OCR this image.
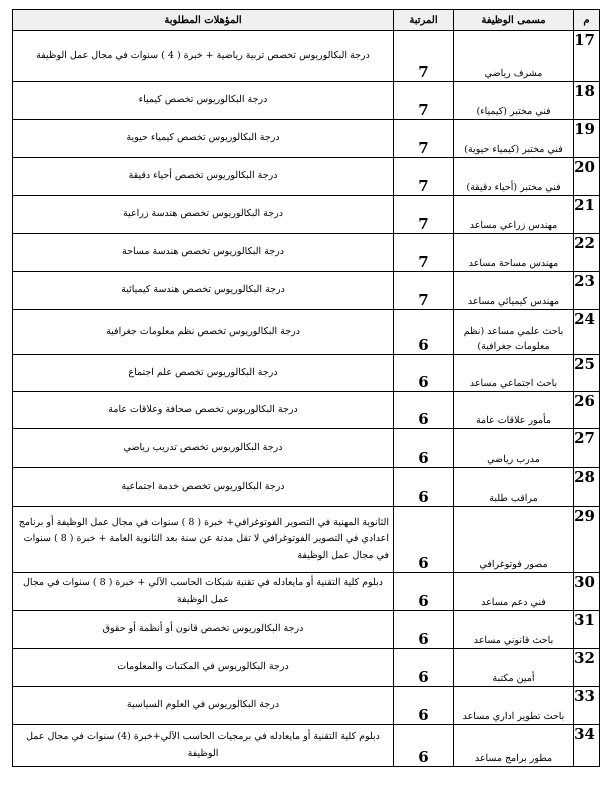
م	مسمى الوظيفة	المرتبة	المؤهلات المطلوبة
17	مشرف رياضي	7	درجة البكالوريوس تخصص تربية رياضية + خبرة ( 4 ) سنوات في مجال عمل الوظيفة
18	فني مختبر (كيمياء)	7	درجة البكالوريوس تخصص كيمياء
19	فني مختبر (كيمياء حيوية)	7	درجة البكالوريوس تخصص كيمياء حيوية
20	فني مختبر (أحياء دقيقة)	7	درجة البكالوريوس تخصص أحياء دقيقة
21	مهندس زراعي مساعد	7	درجة البكالوريوس تخصص هندسة زراعية
22	مهندس مساحة مساعد	7	درجة البكالوريوس تخصص هندسة مساحة
23	مهندس كيميائي مساعد	7	درجة البكالوريوس تخصص هندسة كيميائية
24	باحث علمي مساعد (نظم معلومات جغرافية)	6	درجة البكالوريوس تخصص نظم معلومات جغرافية
25	باحث اجتماعي مساعد	6	درجة البكالوريوس تخصص علم اجتماع
26	مأمور علاقات عامة	6	درجة البكالوريوس تخصص صحافة وعلاقات عامة
27	مدرب رياضي	6	درجة البكالوريوس تخصص تدريب رياضي
28	مراقب طلبة	6	درجة البكالوريوس تخصص خدمة اجتماعية
29	مصور فوتوغرافي	6	الثانوية المهنية في التصوير الفوتوغرافي+ خبرة ( 8 ) سنوات في مجال عمل الوظيفة أو برنامج اعدادي في التصوير الفوتوغرافي لا تقل مدتة عن سنة بعد الثانوية العامة + خبرة ( 8 ) سنوات في مجال عمل الوظيفة
30	فني دعم مساعد	6	دبلوم كلية التقنية أو مايعادله في تقنية شبكات الحاسب الآلي + خبرة ( 8 ) سنوات في مجال عمل الوظيفة
31	باحث قانوني مساعد	6	درجة البكالوريوس تخصص قانون أو أنظمة أو حقوق
32	أمين مكتبة	6	درجة البكالوريوس في المكتبات والمعلومات
33	باحث تطوير اداري مساعد	6	درجة البكالوريوس في العلوم السياسية
34	مطور برامج مساعد	6	دبلوم كلية التقنية أو مايعادله في برمجيات الحاسب الآلي+خبرة (4) سنوات في مجال عمل الوظيفة
